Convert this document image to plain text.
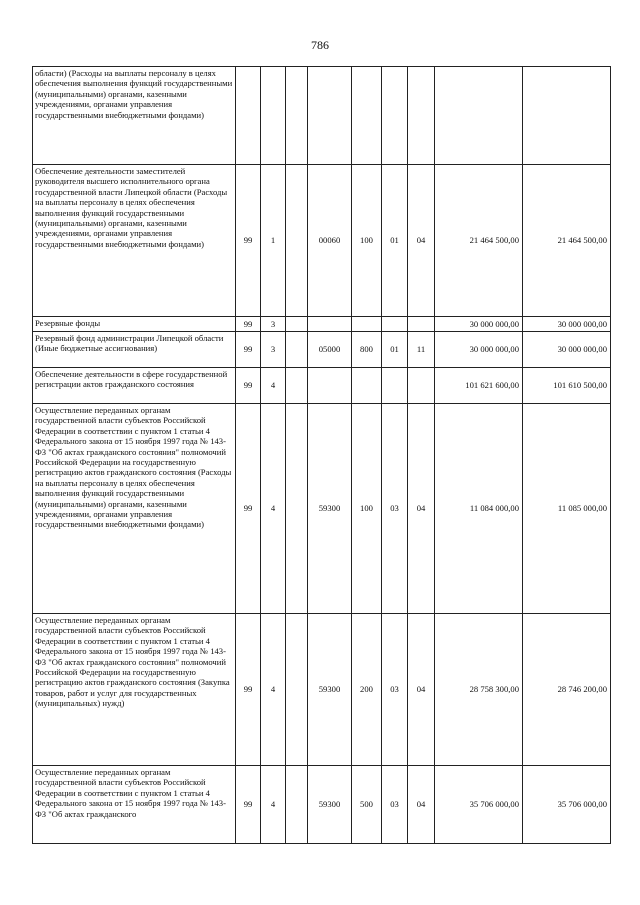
786
области) (Расходы на выплаты персоналу в целях обеспечения выполнения функций государственными (муниципальными) органами, казенными учреждениями, органами управления государственными внебюджетными фондами)									
Обеспечение деятельности заместителей руководителя высшего исполнительного органа государственной власти Липецкой области (Расходы на выплаты персоналу в целях обеспечения выполнения функций государственными (муниципальными) органами, казенными учреждениями, органами управления государственными внебюджетными фондами)	99	1		00060	100	01	04	21 464 500,00	21 464 500,00
Резервные фонды	99	3						30 000 000,00	30 000 000,00
Резервный фонд администрации Липецкой области (Иные бюджетные ассигнования)	99	3		05000	800	01	11	30 000 000,00	30 000 000,00
Обеспечение деятельности в сфере государственной регистрации актов гражданского состояния	99	4						101 621 600,00	101 610 500,00
Осуществление переданных органам государственной власти субъектов Российской Федерации в соответствии с пунктом 1 статьи 4 Федерального закона от 15 ноября 1997 года № 143-ФЗ "Об актах гражданского состояния" полномочий Российской Федерации на государственную регистрацию актов гражданского состояния (Расходы на выплаты персоналу в целях обеспечения выполнения функций государственными (муниципальными) органами, казенными учреждениями, органами управления государственными внебюджетными фондами)	99	4		59300	100	03	04	11 084 000,00	11 085 000,00
Осуществление переданных органам государственной власти субъектов Российской Федерации в соответствии с пунктом 1 статьи 4 Федерального закона от 15 ноября 1997 года № 143-ФЗ "Об актах гражданского состояния" полномочий Российской Федерации на государственную регистрацию актов гражданского состояния (Закупка товаров, работ и услуг для государственных (муниципальных) нужд)	99	4		59300	200	03	04	28 758 300,00	28 746 200,00
Осуществление переданных органам государственной власти субъектов Российской Федерации в соответствии с пунктом 1 статьи 4 Федерального закона от 15 ноября 1997 года № 143-ФЗ "Об актах гражданского	99	4		59300	500	03	04	35 706 000,00	35 706 000,00
